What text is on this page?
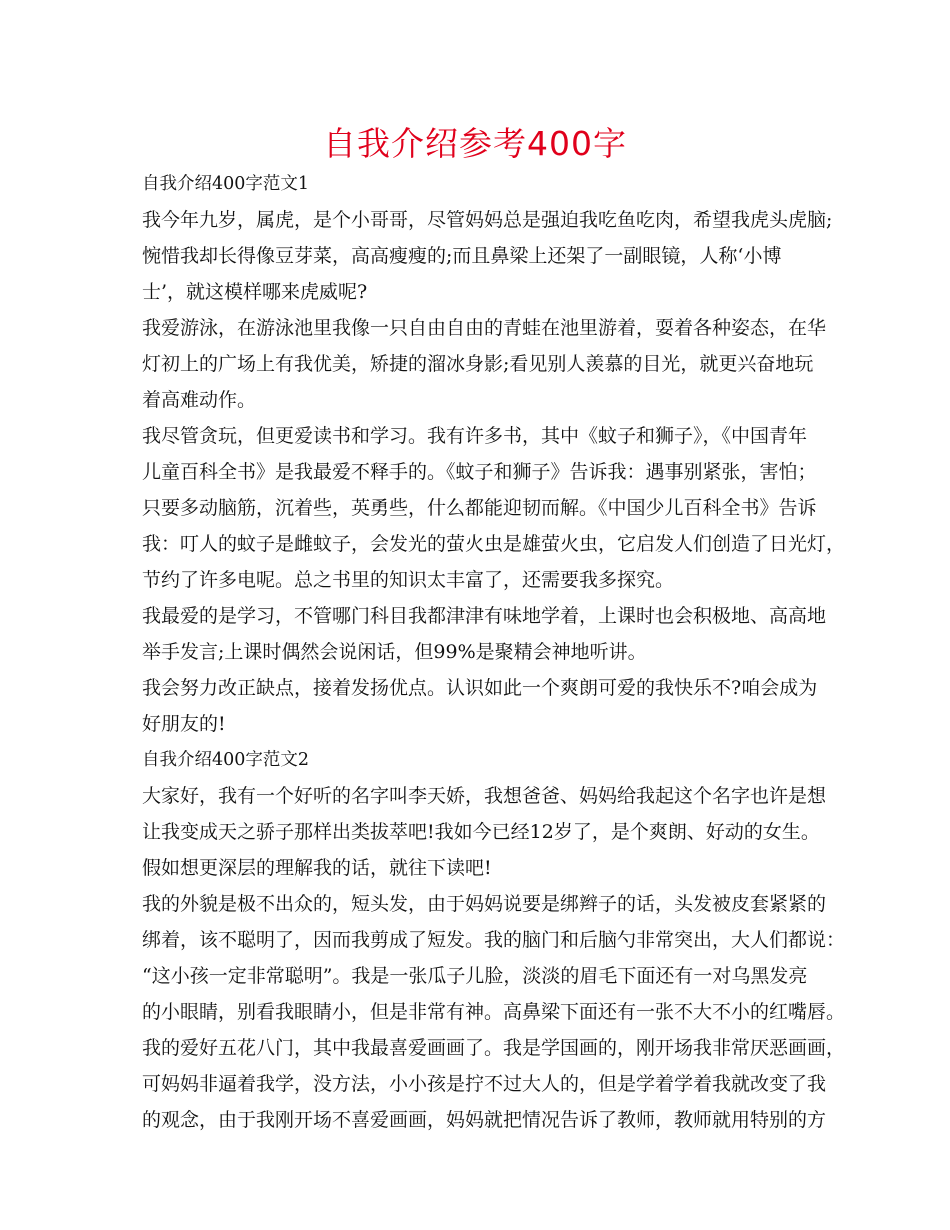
自我介绍参考400字
自我介绍400字范文1
我今年九岁，属虎，是个小哥哥，尽管妈妈总是强迫我吃鱼吃肉，希望我虎头虎脑;
惋惜我却长得像豆芽菜，高高瘦瘦的;而且鼻梁上还架了一副眼镜，人称‘小博
士’，就这模样哪来虎威呢?
我爱游泳，在游泳池里我像一只自由自由的青蛙在池里游着，耍着各种姿态，在华
灯初上的广场上有我优美，矫捷的溜冰身影;看见别人羡慕的目光，就更兴奋地玩
着高难动作。
我尽管贪玩，但更爱读书和学习。我有许多书，其中《蚊子和狮子》，《中国青年
儿童百科全书》是我最爱不释手的。《蚊子和狮子》告诉我：遇事别紧张，害怕；
只要多动脑筋，沉着些，英勇些，什么都能迎韧而解。《中国少儿百科全书》告诉
我：叮人的蚊子是雌蚊子，会发光的萤火虫是雄萤火虫，它启发人们创造了日光灯，
节约了许多电呢。总之书里的知识太丰富了，还需要我多探究。
我最爱的是学习，不管哪门科目我都津津有味地学着，上课时也会积极地、高高地
举手发言;上课时偶然会说闲话，但99%是聚精会神地听讲。
我会努力改正缺点，接着发扬优点。认识如此一个爽朗可爱的我快乐不?咱会成为
好朋友的!
自我介绍400字范文2
大家好，我有一个好听的名字叫李天娇，我想爸爸、妈妈给我起这个名字也许是想
让我变成天之骄子那样出类拔萃吧!我如今已经12岁了，是个爽朗、好动的女生。
假如想更深层的理解我的话，就往下读吧!
我的外貌是极不出众的，短头发，由于妈妈说要是绑辫子的话，头发被皮套紧紧的
绑着，该不聪明了，因而我剪成了短发。我的脑门和后脑勺非常突出，大人们都说：
“这小孩一定非常聪明”。我是一张瓜子儿脸，淡淡的眉毛下面还有一对乌黑发亮
的小眼睛，别看我眼睛小，但是非常有神。高鼻梁下面还有一张不大不小的红嘴唇。
我的爱好五花八门，其中我最喜爱画画了。我是学国画的，刚开场我非常厌恶画画，
可妈妈非逼着我学，没方法，小小孩是拧不过大人的，但是学着学着我就改变了我
的观念，由于我刚开场不喜爱画画，妈妈就把情况告诉了教师，教师就用特别的方
